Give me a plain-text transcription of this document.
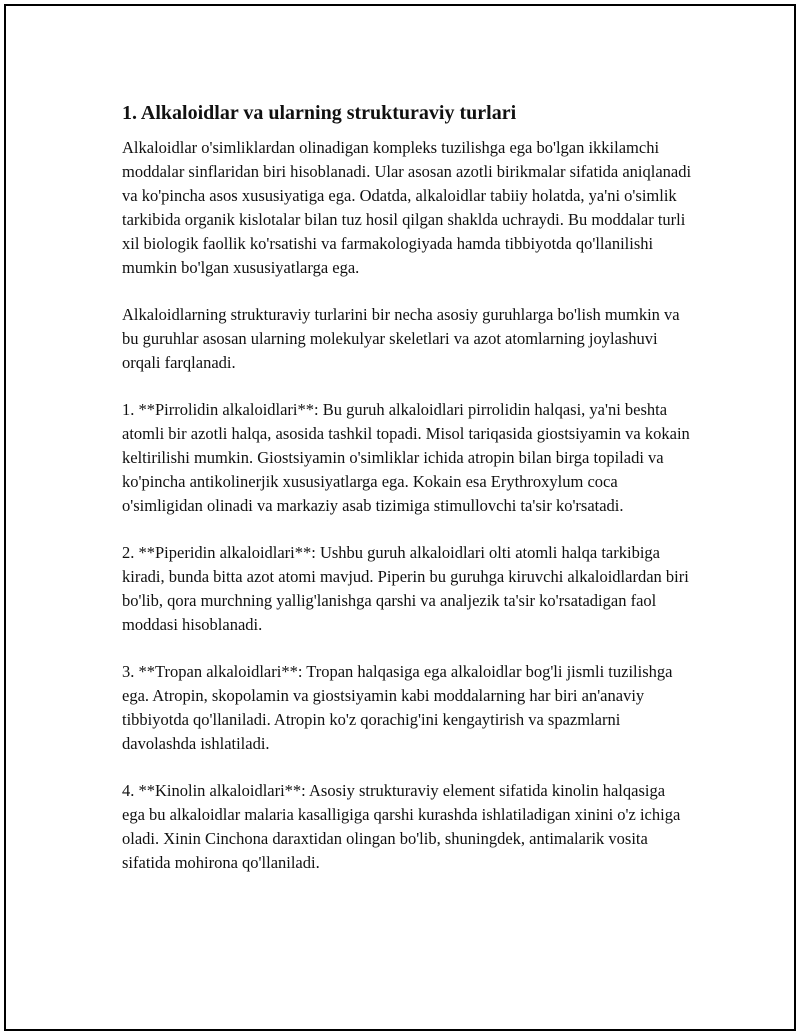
1. Alkaloidlar va ularning strukturaviy turlari

Alkaloidlar o'simliklardan olinadigan kompleks tuzilishga ega bo'lgan ikkilamchi moddalar sinflaridan biri hisoblanadi. Ular asosan azotli birikmalar sifatida aniqlanadi va ko'pincha asos xususiyatiga ega. Odatda, alkaloidlar tabiiy holatda, ya'ni o'simlik tarkibida organik kislotalar bilan tuz hosil qilgan shaklda uchraydi. Bu moddalar turli xil biologik faollik ko'rsatishi va farmakologiyada hamda tibbiyotda qo'llanilishi mumkin bo'lgan xususiyatlarga ega.

Alkaloidlarning strukturaviy turlarini bir necha asosiy guruhlarga bo'lish mumkin va bu guruhlar asosan ularning molekulyar skeletlari va azot atomlarning joylashuvi orqali farqlanadi.

1. **Pirrolidin alkaloidlari**: Bu guruh alkaloidlari pirrolidin halqasi, ya'ni beshta atomli bir azotli halqa, asosida tashkil topadi. Misol tariqasida giostsiyamin va kokain keltirilishi mumkin. Giostsiyamin o'simliklar ichida atropin bilan birga topiladi va ko'pincha antikolinerjik xususiyatlarga ega. Kokain esa Erythroxylum coca o'simligidan olinadi va markaziy asab tizimiga stimullovchi ta'sir ko'rsatadi.

2. **Piperidin alkaloidlari**: Ushbu guruh alkaloidlari olti atomli halqa tarkibiga kiradi, bunda bitta azot atomi mavjud. Piperin bu guruhga kiruvchi alkaloidlardan biri bo'lib, qora murchning yallig'lanishga qarshi va analjezik ta'sir ko'rsatadigan faol moddasi hisoblanadi.

3. **Tropan alkaloidlari**: Tropan halqasiga ega alkaloidlar bog'li jismli tuzilishga ega. Atropin, skopolamin va giostsiyamin kabi moddalarning har biri an'anaviy tibbiyotda qo'llaniladi. Atropin ko'z qorachig'ini kengaytirish va spazmlarni davolashda ishlatiladi.

4. **Kinolin alkaloidlari**: Asosiy strukturaviy element sifatida kinolin halqasiga ega bu alkaloidlar malaria kasalligiga qarshi kurashda ishlatiladigan xinini o'z ichiga oladi. Xinin Cinchona daraxtidan olingan bo'lib, shuningdek, antimalarik vosita sifatida mohirona qo'llaniladi.
